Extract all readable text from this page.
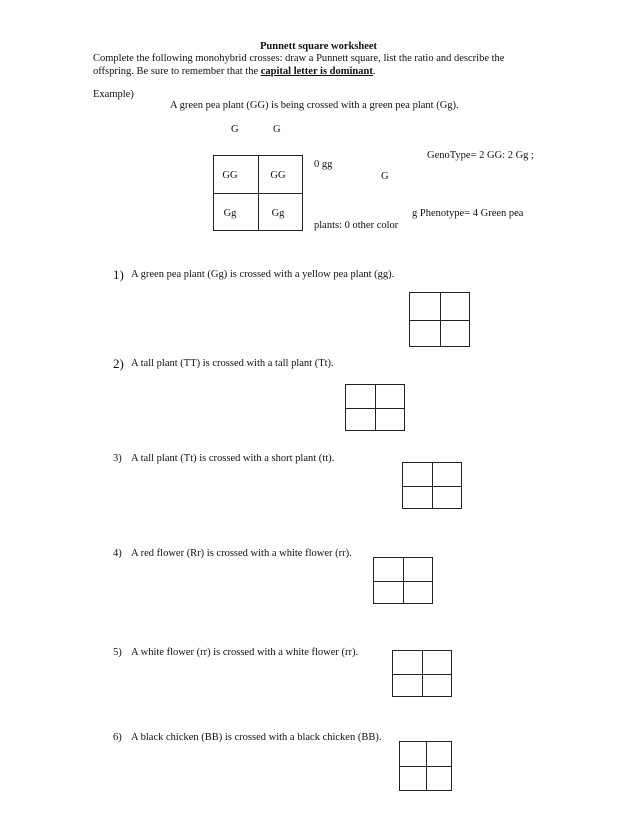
Punnett square worksheet
Complete the following monohybrid crosses: draw a Punnett square, list the ratio and describe the
offspring. Be sure to remember that the capital letter is dominant.
Example)
A green pea plant (GG) is being crossed with a green pea plant (Gg).
G	G
GG	GG
Gg	Gg
GenoType= 2 GG: 2 Gg ;
0 gg
G
g Phenotype= 4 Green pea
plants: 0 other color
1) A green pea plant (Gg) is crossed with a yellow pea plant (gg).
2) A tall plant (TT) is crossed with a tall plant (Tt).
3) A tall plant (Tt) is crossed with a short plant (tt).
4) A red flower (Rr) is crossed with a white flower (rr).
5) A white flower (rr) is crossed with a white flower (rr).
6) A black chicken (BB) is crossed with a black chicken (BB).
